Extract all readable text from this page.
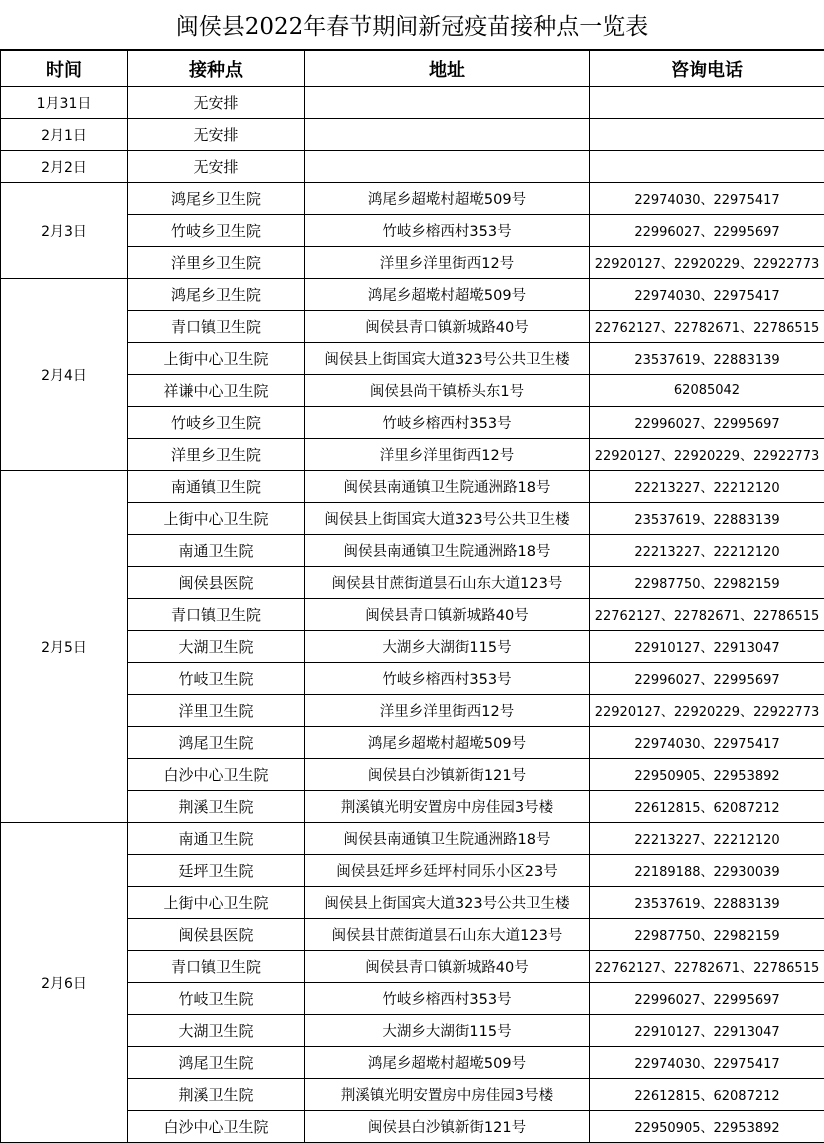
闽侯县2022年春节期间新冠疫苗接种点一览表
时间	接种点	地址	咨询电话
1月31日	无安排		
2月1日	无安排		
2月2日	无安排		
2月3日	鸿尾乡卫生院	鸿尾乡超墘村超墘509号	22974030、22975417
	竹岐乡卫生院	竹岐乡榕西村353号	22996027、22995697
	洋里乡卫生院	洋里乡洋里街西12号	22920127、22920229、22922773
2月4日	鸿尾乡卫生院	鸿尾乡超墘村超墘509号	22974030、22975417
	青口镇卫生院	闽侯县青口镇新城路40号	22762127、22782671、22786515
	上街中心卫生院	闽侯县上街国宾大道323号公共卫生楼	23537619、22883139
	祥谦中心卫生院	闽侯县尚干镇桥头东1号	62085042
	竹岐乡卫生院	竹岐乡榕西村353号	22996027、22995697
	洋里乡卫生院	洋里乡洋里街西12号	22920127、22920229、22922773
2月5日	南通镇卫生院	闽侯县南通镇卫生院通洲路18号	22213227、22212120
	上街中心卫生院	闽侯县上街国宾大道323号公共卫生楼	23537619、22883139
	南通卫生院	闽侯县南通镇卫生院通洲路18号	22213227、22212120
	闽侯县医院	闽侯县甘蔗街道昙石山东大道123号	22987750、22982159
	青口镇卫生院	闽侯县青口镇新城路40号	22762127、22782671、22786515
	大湖卫生院	大湖乡大湖街115号	22910127、22913047
	竹岐卫生院	竹岐乡榕西村353号	22996027、22995697
	洋里卫生院	洋里乡洋里街西12号	22920127、22920229、22922773
	鸿尾卫生院	鸿尾乡超墘村超墘509号	22974030、22975417
	白沙中心卫生院	闽侯县白沙镇新街121号	22950905、22953892
	荆溪卫生院	荆溪镇光明安置房中房佳园3号楼	22612815、62087212
2月6日	南通卫生院	闽侯县南通镇卫生院通洲路18号	22213227、22212120
	廷坪卫生院	闽侯县廷坪乡廷坪村同乐小区23号	22189188、22930039
	上街中心卫生院	闽侯县上街国宾大道323号公共卫生楼	23537619、22883139
	闽侯县医院	闽侯县甘蔗街道昙石山东大道123号	22987750、22982159
	青口镇卫生院	闽侯县青口镇新城路40号	22762127、22782671、22786515
	竹岐卫生院	竹岐乡榕西村353号	22996027、22995697
	大湖卫生院	大湖乡大湖街115号	22910127、22913047
	鸿尾卫生院	鸿尾乡超墘村超墘509号	22974030、22975417
	荆溪卫生院	荆溪镇光明安置房中房佳园3号楼	22612815、62087212
	白沙中心卫生院	闽侯县白沙镇新街121号	22950905、22953892
